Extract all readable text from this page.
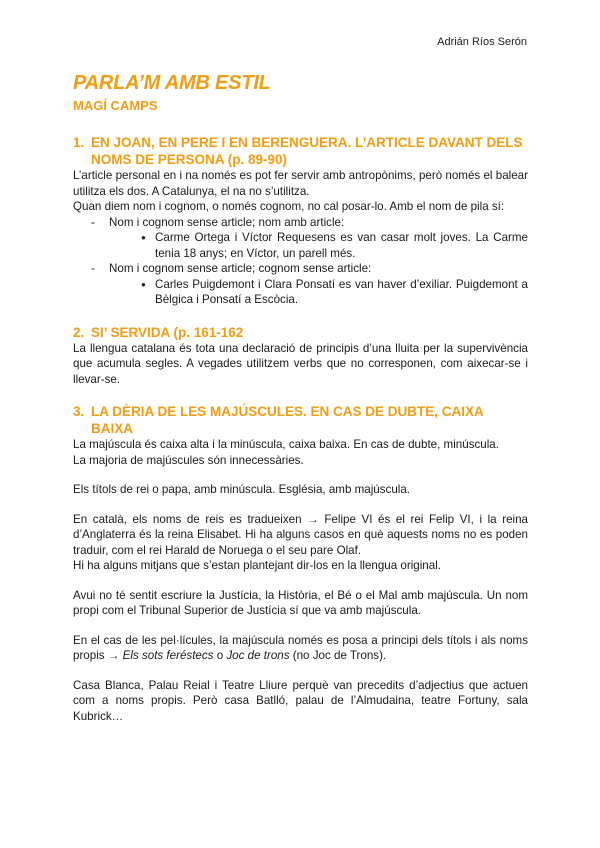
Adrián Ríos Serón
PARLA’M AMB ESTIL
MAGÍ CAMPS
1. EN JOAN, EN PERE I EN BERENGUERA. L’ARTICLE DAVANT DELS NOMS DE PERSONA (p. 89-90)

L’article personal en i na només es pot fer servir amb antropònims, però només el balear utilitza els dos. A Catalunya, el na no s’utilitza.

Quan diem nom i cognom, o només cognom, no cal posar-lo. Amb el nom de pila sí:

- Nom i cognom sense article; nom amb article:
● Carme Ortega i Víctor Requesens es van casar molt joves. La Carme tenia 18 anys; en Víctor, un parell més.
- Nom i cognom sense article; cognom sense article:
● Carles Puigdemont i Clara Ponsatí es van haver d’exiliar. Puigdemont a Bèlgica i Ponsatí a Escòcia.
2. SI’ SERVIDA (p. 161-162

La llengua catalana és tota una declaració de principis d’una lluita per la supervivència que acumula segles. A vegades utilitzem verbs que no corresponen, com aixecar-se i llevar-se.

3. LA DÈRIA DE LES MAJÚSCULES. EN CAS DE DUBTE, CAIXA BAIXA

La majúscula és caixa alta i la minúscula, caixa baixa. En cas de dubte, minúscula.

La majoria de majúscules són innecessàries.

Els títols de rei o papa, amb minúscula. Església, amb majúscula.

En català, els noms de reis es tradueixen → Felipe VI és el rei Felip VI, i la reina d’Anglaterra és la reina Elisabet. Hi ha alguns casos en què aquests noms no es poden traduir, com el rei Harald de Noruega o el seu pare Olaf.

Hi ha alguns mitjans que s’estan plantejant dir-los en la llengua original.

Avui no té sentit escriure la Justícia, la Història, el Bé o el Mal amb majúscula. Un nom propi com el Tribunal Superior de Justícia sí que va amb majúscula.

En el cas de les pel·lícules, la majúscula només es posa a principi dels títols i als noms propis → Els sots feréstecs o Joc de trons (no Joc de Trons).

Casa Blanca, Palau Reial i Teatre Lliure perquè van precedits d’adjectius que actuen com a noms propis. Però casa Batlló, palau de l’Almudaina, teatre Fortuny, sala Kubrick…
